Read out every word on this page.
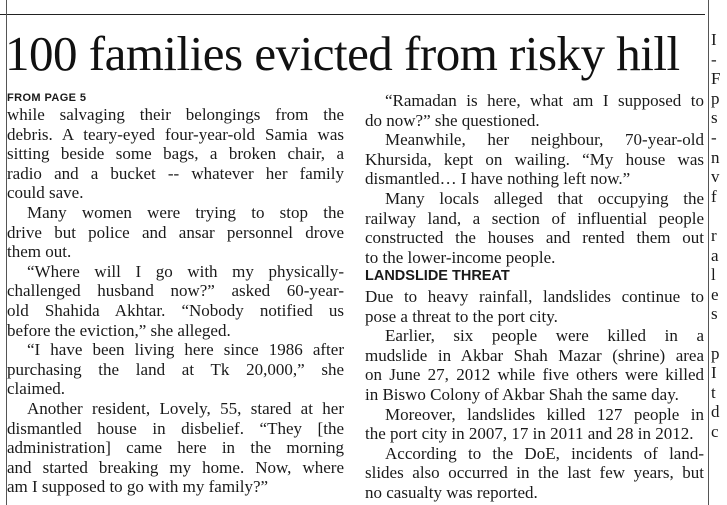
100 families evicted from risky hill
FROM PAGE 5
while salvaging their belongings from the
debris. A teary-eyed four-year-old Samia was
sitting beside some bags, a broken chair, a
radio and a bucket -- whatever her family
could save.
Many women were trying to stop the
drive but police and ansar personnel drove
them out.
“Where will I go with my physically-
challenged husband now?” asked 60-year-
old Shahida Akhtar. “Nobody notified us
before the eviction,” she alleged.
“I have been living here since 1986 after
purchasing the land at Tk 20,000,” she
claimed.
Another resident, Lovely, 55, stared at her
dismantled house in disbelief. “They [the
administration] came here in the morning
and started breaking my home. Now, where
am I supposed to go with my family?”
“Ramadan is here, what am I supposed to
do now?” she questioned.
Meanwhile, her neighbour, 70-year-old
Khursida, kept on wailing. “My house was
dismantled… I have nothing left now.”
Many locals alleged that occupying the
railway land, a section of influential people
constructed the houses and rented them out
to the lower-income people.
LANDSLIDE THREAT
Due to heavy rainfall, landslides continue to
pose a threat to the port city.
Earlier, six people were killed in a
mudslide in Akbar Shah Mazar (shrine) area
on June 27, 2012 while five others were killed
in Biswo Colony of Akbar Shah the same day.
Moreover, landslides killed 127 people in
the port city in 2007, 17 in 2011 and 28 in 2012.
According to the DoE, incidents of land-
slides also occurred in the last few years, but
no casualty was reported.
I
-
F
p
s
-
n
v
f
r
a
l
e
s
p
I
t
d
c
